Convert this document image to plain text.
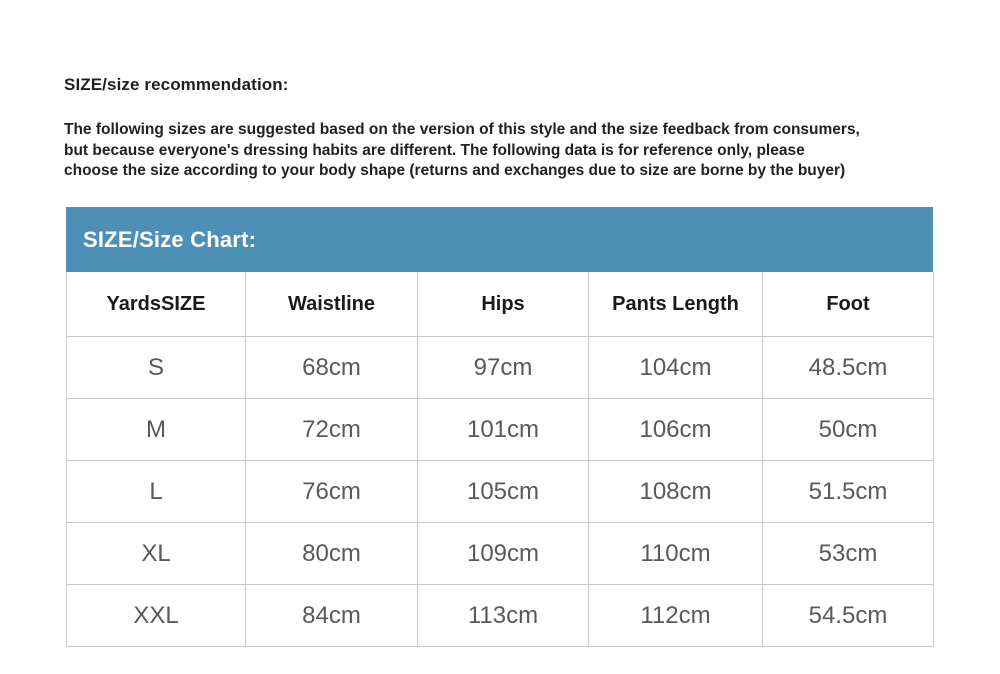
SIZE/size recommendation:
The following sizes are suggested based on the version of this style and the size feedback from consumers,
but because everyone's dressing habits are different. The following data is for reference only, please
choose the size according to your body shape (returns and exchanges due to size are borne by the buyer)
SIZE/Size Chart:
YardsSIZE	Waistline	Hips	Pants Length	Foot
S	68cm	97cm	104cm	48.5cm
M	72cm	101cm	106cm	50cm
L	76cm	105cm	108cm	51.5cm
XL	80cm	109cm	110cm	53cm
XXL	84cm	113cm	112cm	54.5cm
